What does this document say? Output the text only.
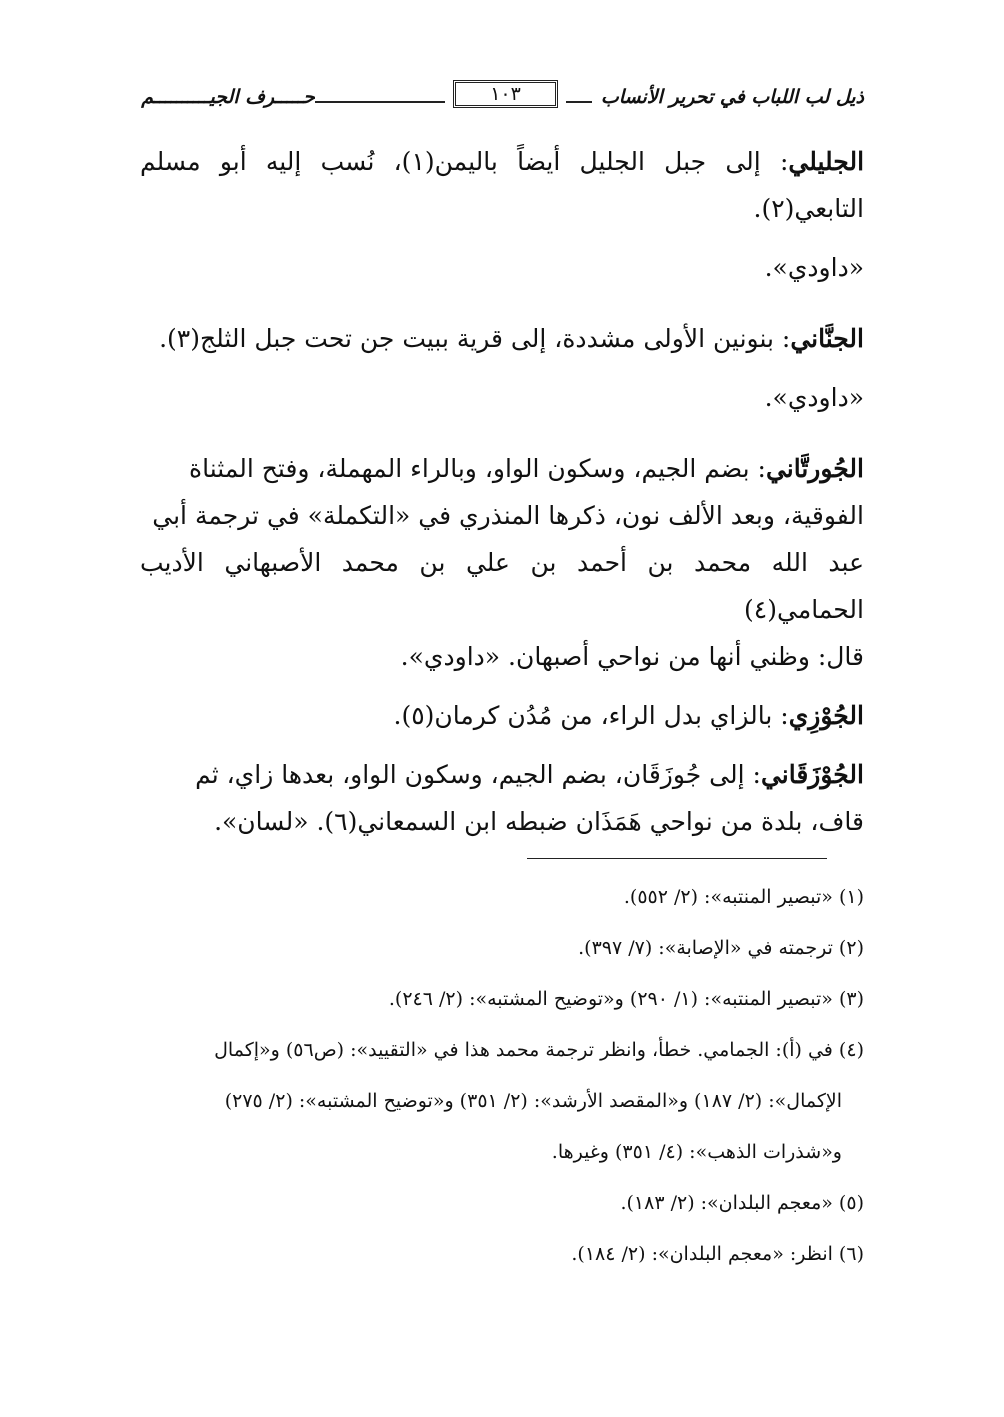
ذيل لب اللباب في تحرير الأنساب
١٠٣
حـــــرف الجيــــــــــم

الجليلي: إلى جبل الجليل أيضاً باليمن(١)، نُسب إليه أبو مسلم التابعي(٢).
«داودي».

الجنَّاني: بنونين الأولى مشددة، إلى قرية ببيت جن تحت جبل الثلج(٣).
«داودي».

الجُورتَّاني: بضم الجيم، وسكون الواو، وبالراء المهملة، وفتح المثناة
الفوقية، وبعد الألف نون، ذكرها المنذري في «التكملة» في ترجمة أبي
عبد الله محمد بن أحمد بن علي بن محمد الأصبهاني الأديب الحمامي(٤)
قال: وظني أنها من نواحي أصبهان. «داودي».

الجُوْزِي: بالزاي بدل الراء، من مُدُن كرمان(٥).

الجُوْزَقَاني: إلى جُوزَقَان، بضم الجيم، وسكون الواو، بعدها زاي، ثم
قاف، بلدة من نواحي هَمَذَان ضبطه ابن السمعاني(٦). «لسان».

(١) «تبصير المنتبه»: (٢/ ٥٥٢).

(٢) ترجمته في «الإصابة»: (٧/ ٣٩٧).

(٣) «تبصير المنتبه»: (١/ ٢٩٠) و«توضيح المشتبه»: (٢/ ٢٤٦).

(٤) في (أ): الجمامي. خطأ، وانظر ترجمة محمد هذا في «التقييد»: (ص٥٦) و«إكمال
الإكمال»: (٢/ ١٨٧) و«المقصد الأرشد»: (٢/ ٣٥١) و«توضيح المشتبه»: (٢/ ٢٧٥)
و«شذرات الذهب»: (٤/ ٣٥١) وغيرها.

(٥) «معجم البلدان»: (٢/ ١٨٣).

(٦) انظر: «معجم البلدان»: (٢/ ١٨٤).
